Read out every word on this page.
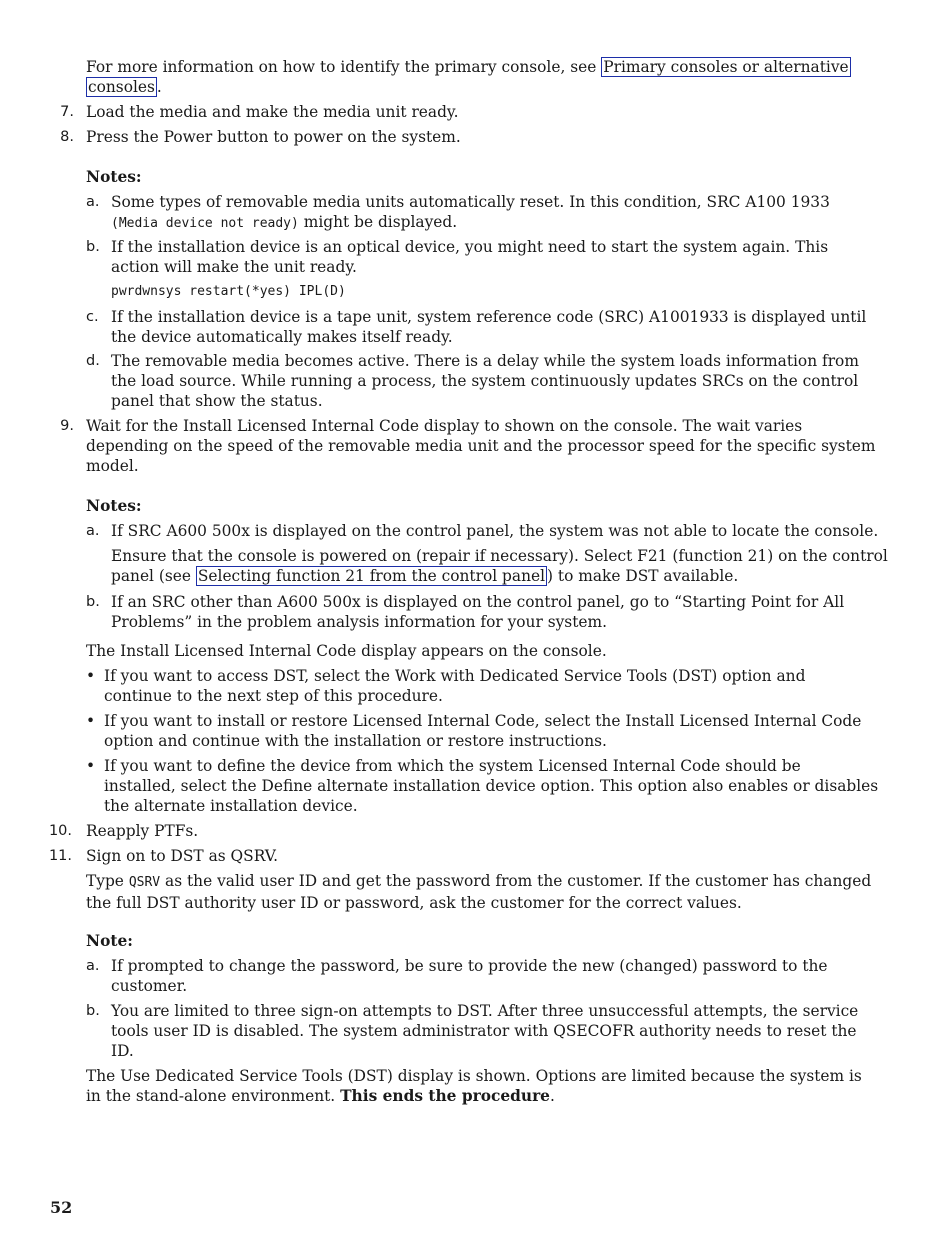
For more information on how to identify the primary console, see Primary consoles or alternative
consoles .
7. Load the media and make the media unit ready.
8. Press the Power button to power on the system.
Notes:
a. Some types of removable media units automatically reset. In this condition, SRC A100 1933
(Media device not ready) might be displayed.
b. If the installation device is an optical device, you might need to start the system again. This
action will make the unit ready.
pwrdwnsys restart(*yes) IPL(D)
c. If the installation device is a tape unit, system reference code (SRC) A1001933 is displayed until
the device automatically makes itself ready.
d. The removable media becomes active. There is a delay while the system loads information from
the load source. While running a process, the system continuously updates SRCs on the control
panel that show the status.
9. Wait for the Install Licensed Internal Code display to shown on the console. The wait varies
depending on the speed of the removable media unit and the processor speed for the specific system
model.
Notes:
a. If SRC A600 500x is displayed on the control panel, the system was not able to locate the console.
Ensure that the console is powered on (repair if necessary). Select F21 (function 21) on the control
panel (see Selecting function 21 from the control panel ) to make DST available.
b. If an SRC other than A600 500x is displayed on the control panel, go to “Starting Point for All
Problems” in the problem analysis information for your system.
The Install Licensed Internal Code display appears on the console.
• If you want to access DST, select the Work with Dedicated Service Tools (DST) option and
continue to the next step of this procedure.
• If you want to install or restore Licensed Internal Code, select the Install Licensed Internal Code
option and continue with the installation or restore instructions.
• If you want to define the device from which the system Licensed Internal Code should be
installed, select the Define alternate installation device option. This option also enables or disables
the alternate installation device.
10. Reapply PTFs.
11. Sign on to DST as QSRV.
Type QSRV as the valid user ID and get the password from the customer. If the customer has changed
the full DST authority user ID or password, ask the customer for the correct values.
Note:
a. If prompted to change the password, be sure to provide the new (changed) password to the
customer.
b. You are limited to three sign-on attempts to DST. After three unsuccessful attempts, the service
tools user ID is disabled. The system administrator with QSECOFR authority needs to reset the
ID.
The Use Dedicated Service Tools (DST) display is shown. Options are limited because the system is
in the stand-alone environment. This ends the procedure.
52
